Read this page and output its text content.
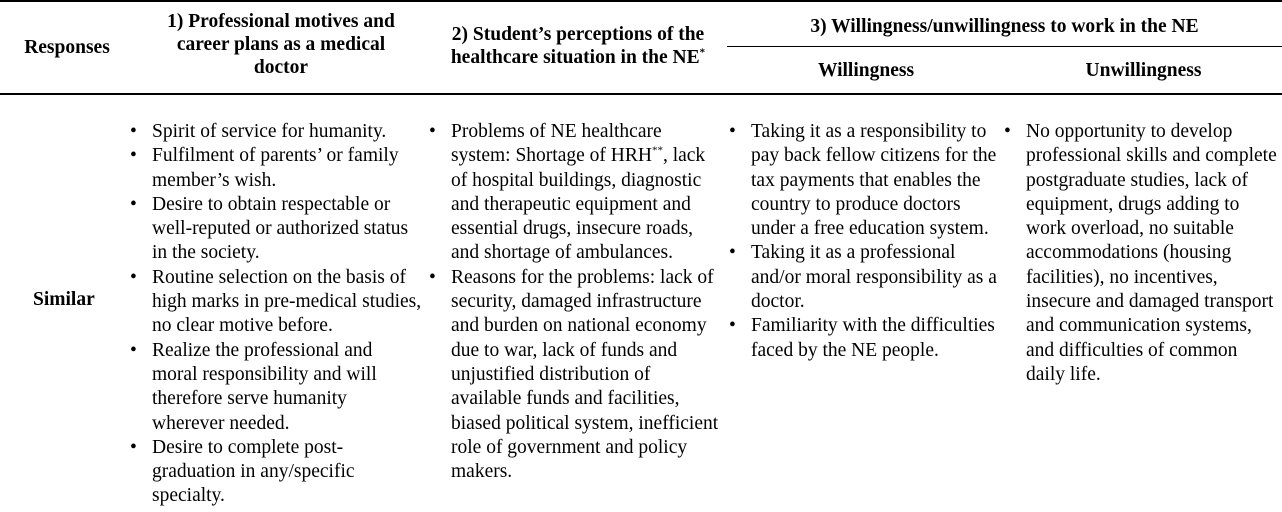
Responses
1) Professional motives and career plans as a medical doctor
2) Student’s perceptions of the healthcare situation in the NE*
3) Willingness/unwillingness to work in the NE
Willingness	Unwillingness
Similar
• Spirit of service for humanity.
• Fulfilment of parents’ or family member’s wish.
• Desire to obtain respectable or well-reputed or authorized status in the society.
• Routine selection on the basis of high marks in pre-medical studies, no clear motive before.
• Realize the professional and moral responsibility and will therefore serve humanity wherever needed.
• Desire to complete post-graduation in any/specific specialty.
• Problems of NE healthcare system: Shortage of HRH**, lack of hospital buildings, diagnostic and therapeutic equipment and essential drugs, insecure roads, and shortage of ambulances.
• Reasons for the problems: lack of security, damaged infrastructure and burden on national economy due to war, lack of funds and unjustified distribution of available funds and facilities, biased political system, inefficient role of government and policy makers.
• Taking it as a responsibility to pay back fellow citizens for the tax payments that enables the country to produce doctors under a free education system.
• Taking it as a professional and/or moral responsibility as a doctor.
• Familiarity with the difficulties faced by the NE people.
• No opportunity to develop professional skills and complete postgraduate studies, lack of equipment, drugs adding to work overload, no suitable accommodations (housing facilities), no incentives, insecure and damaged transport and communication systems, and difficulties of common daily life.
